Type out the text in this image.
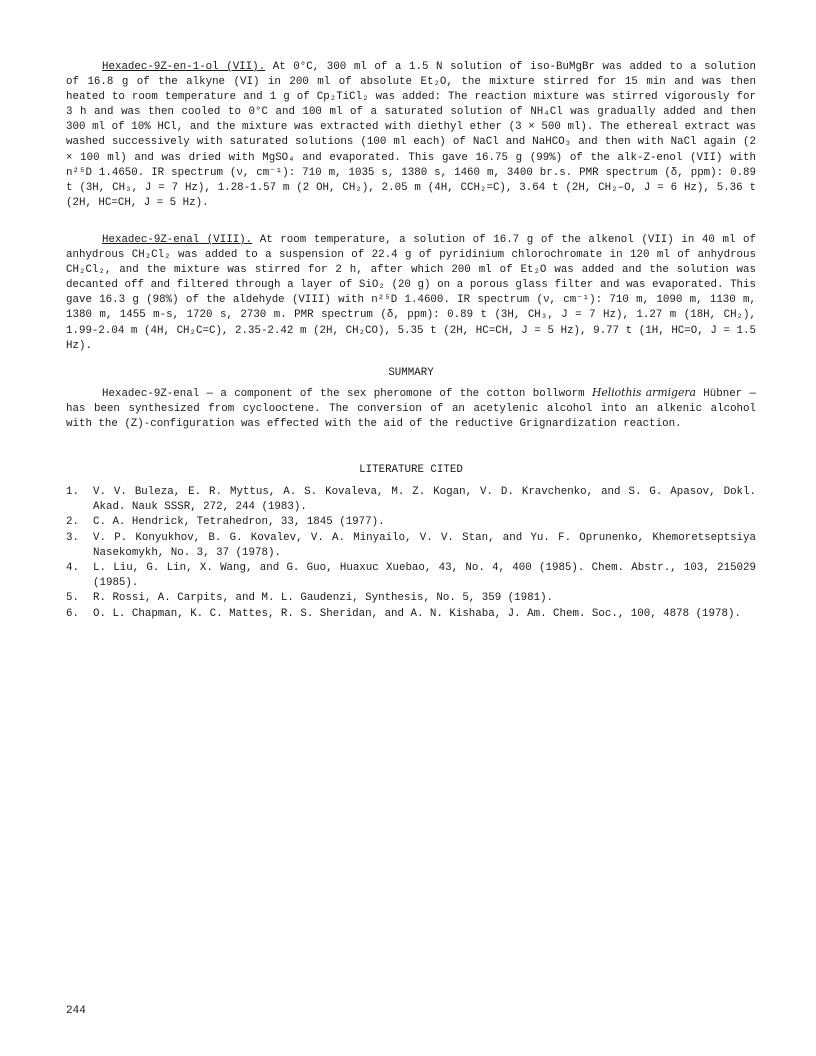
Hexadec-9Z-en-1-ol (VII). At 0°C, 300 ml of a 1.5 N solution of iso-BuMgBr was added to a solution of 16.8 g of the alkyne (VI) in 200 ml of absolute Et₂O, the mixture stirred for 15 min and was then heated to room temperature and 1 g of Cp₂TiCl₂ was added: The reaction mixture was stirred vigorously for 3 h and was then cooled to 0°C and 100 ml of a saturated solution of NH₄Cl was gradually added and then 300 ml of 10% HCl, and the mixture was extracted with diethyl ether (3 × 500 ml). The ethereal extract was washed successively with saturated solutions (100 ml each) of NaCl and NaHCO₃ and then with NaCl again (2 × 100 ml) and was dried with MgSO₄ and evaporated. This gave 16.75 g (99%) of the alk-Z-enol (VII) with n²⁵D 1.4650. IR spectrum (ν, cm⁻¹): 710 m, 1035 s, 1380 s, 1460 m, 3400 br.s. PMR spectrum (δ, ppm): 0.89 t (3H, CH₃, J = 7 Hz), 1.28-1.57 m (2 OH, CH₂), 2.05 m (4H, CCH₂=C), 3.64 t (2H, CH₂–O, J = 6 Hz), 5.36 t (2H, HC=CH, J = 5 Hz).

Hexadec-9Z-enal (VIII). At room temperature, a solution of 16.7 g of the alkenol (VII) in 40 ml of anhydrous CH₂Cl₂ was added to a suspension of 22.4 g of pyridinium chlorochromate in 120 ml of anhydrous CH₂Cl₂, and the mixture was stirred for 2 h, after which 200 ml of Et₂O was added and the solution was decanted off and filtered through a layer of SiO₂ (20 g) on a porous glass filter and was evaporated. This gave 16.3 g (98%) of the aldehyde (VIII) with n²⁵D 1.4600. IR spectrum (ν, cm⁻¹): 710 m, 1090 m, 1130 m, 1380 m, 1455 m-s, 1720 s, 2730 m. PMR spectrum (δ, ppm): 0.89 t (3H, CH₃, J = 7 Hz), 1.27 m (18H, CH₂), 1.99-2.04 m (4H, CH₂C=C), 2.35-2.42 m (2H, CH₂CO), 5.35 t (2H, HC=CH, J = 5 Hz), 9.77 t (1H, HC=O, J = 1.5 Hz).

SUMMARY

Hexadec-9Z-enal — a component of the sex pheromone of the cotton bollworm Heliothis armigera Hübner — has been synthesized from cyclooctene. The conversion of an acetylenic alcohol into an alkenic alcohol with the (Z)-configuration was effected with the aid of the reductive Grignardization reaction.

LITERATURE CITED

1. V. V. Buleza, E. R. Myttus, A. S. Kovaleva, M. Z. Kogan, V. D. Kravchenko, and S. G. Apasov, Dokl. Akad. Nauk SSSR, 272, 244 (1983).
2. C. A. Hendrick, Tetrahedron, 33, 1845 (1977).
3. V. P. Konyukhov, B. G. Kovalev, V. A. Minyailo, V. V. Stan, and Yu. F. Oprunenko, Khemoretseptsiya Nasekomykh, No. 3, 37 (1978).
4. L. Liu, G. Lin, X. Wang, and G. Guo, Huaxuc Xuebao, 43, No. 4, 400 (1985). Chem. Abstr., 103, 215029 (1985).
5. R. Rossi, A. Carpits, and M. L. Gaudenzi, Synthesis, No. 5, 359 (1981).
6. O. L. Chapman, K. C. Mattes, R. S. Sheridan, and A. N. Kishaba, J. Am. Chem. Soc., 100, 4878 (1978).
244
